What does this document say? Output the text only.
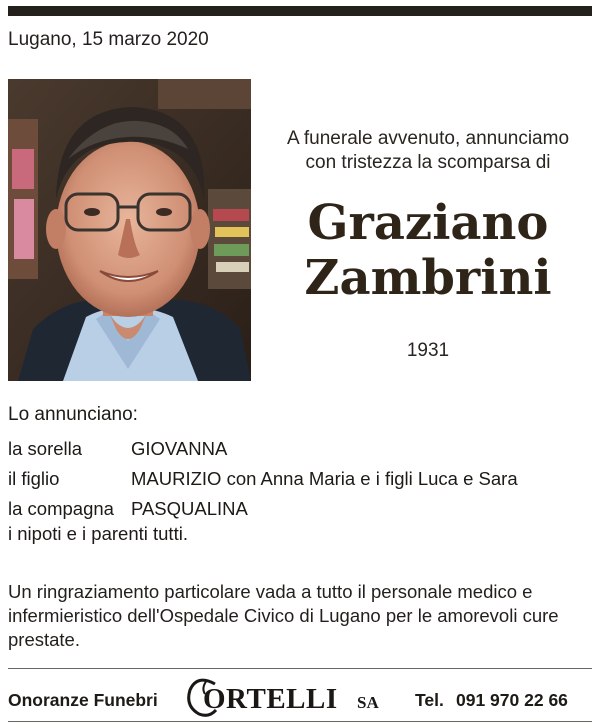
Lugano, 15 marzo 2020
A funerale avvenuto, annunciamo
con tristezza la scomparsa di
Graziano
Zambrini
1931
Lo annunciano:
la sorella	GIOVANNA
il figlio	MAURIZIO con Anna Maria e i figli Luca e Sara
la compagna PASQUALINA
i nipoti e i parenti tutti.
Un ringraziamento particolare vada a tutto il personale medico e infermieristico dell'Ospedale Civico di Lugano per le amorevoli cure prestate.
Onoranze Funebri ORTELLI SA Tel. 091 970 22 66
